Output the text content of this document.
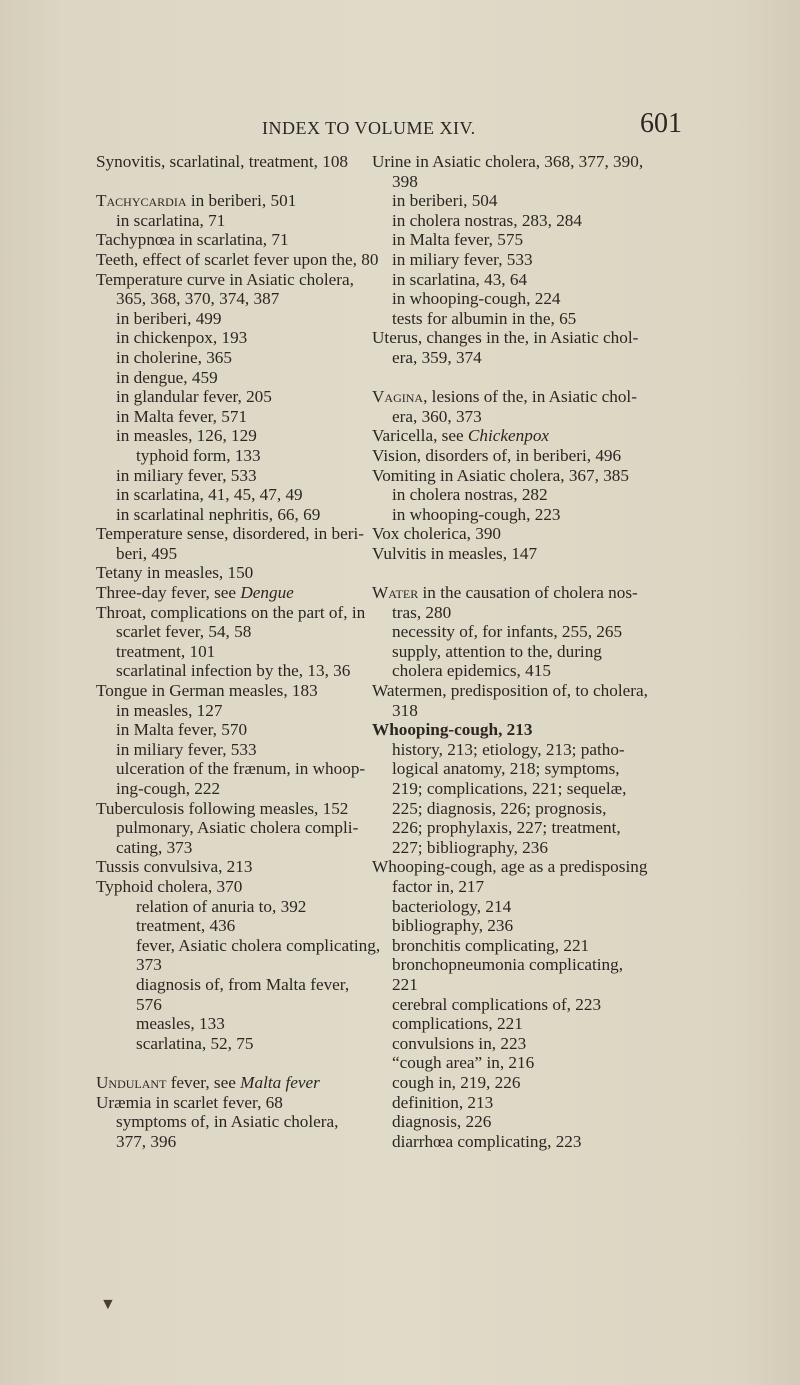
INDEX TO VOLUME XIV.	601
Synovitis, scarlatinal, treatment, 108
Tachycardia in beriberi, 501
in scarlatina, 71
Tachypnœa in scarlatina, 71
Teeth, effect of scarlet fever upon the, 80
Temperature curve in Asiatic cholera,
365, 368, 370, 374, 387
in beriberi, 499
in chickenpox, 193
in cholerine, 365
in dengue, 459
in glandular fever, 205
in Malta fever, 571
in measles, 126, 129
typhoid form, 133
in miliary fever, 533
in scarlatina, 41, 45, 47, 49
in scarlatinal nephritis, 66, 69
Temperature sense, disordered, in beri-
beri, 495
Tetany in measles, 150
Three-day fever, see Dengue
Throat, complications on the part of, in
scarlet fever, 54, 58
treatment, 101
scarlatinal infection by the, 13, 36
Tongue in German measles, 183
in measles, 127
in Malta fever, 570
in miliary fever, 533
ulceration of the frænum, in whoop-
ing-cough, 222
Tuberculosis following measles, 152
pulmonary, Asiatic cholera compli-
cating, 373
Tussis convulsiva, 213
Typhoid cholera, 370
relation of anuria to, 392
treatment, 436
fever, Asiatic cholera complicating,
373
diagnosis of, from Malta fever,
576
measles, 133
scarlatina, 52, 75
Undulant fever, see Malta fever
Uræmia in scarlet fever, 68
symptoms of, in Asiatic cholera,
377, 396
Urine in Asiatic cholera, 368, 377, 390,
398
in beriberi, 504
in cholera nostras, 283, 284
in Malta fever, 575
in miliary fever, 533
in scarlatina, 43, 64
in whooping-cough, 224
tests for albumin in the, 65
Uterus, changes in the, in Asiatic chol-
era, 359, 374
Vagina, lesions of the, in Asiatic chol-
era, 360, 373
Varicella, see Chickenpox
Vision, disorders of, in beriberi, 496
Vomiting in Asiatic cholera, 367, 385
in cholera nostras, 282
in whooping-cough, 223
Vox cholerica, 390
Vulvitis in measles, 147
Water in the causation of cholera nos-
tras, 280
necessity of, for infants, 255, 265
supply, attention to the, during
cholera epidemics, 415
Watermen, predisposition of, to cholera,
318
Whooping-cough, 213
history, 213; etiology, 213; patho-
logical anatomy, 218; symptoms,
219; complications, 221; sequelæ,
225; diagnosis, 226; prognosis,
226; prophylaxis, 227; treatment,
227; bibliography, 236
Whooping-cough, age as a predisposing
factor in, 217
bacteriology, 214
bibliography, 236
bronchitis complicating, 221
bronchopneumonia complicating,
221
cerebral complications of, 223
complications, 221
convulsions in, 223
“cough area” in, 216
cough in, 219, 226
definition, 213
diagnosis, 226
diarrhœa complicating, 223
▼
